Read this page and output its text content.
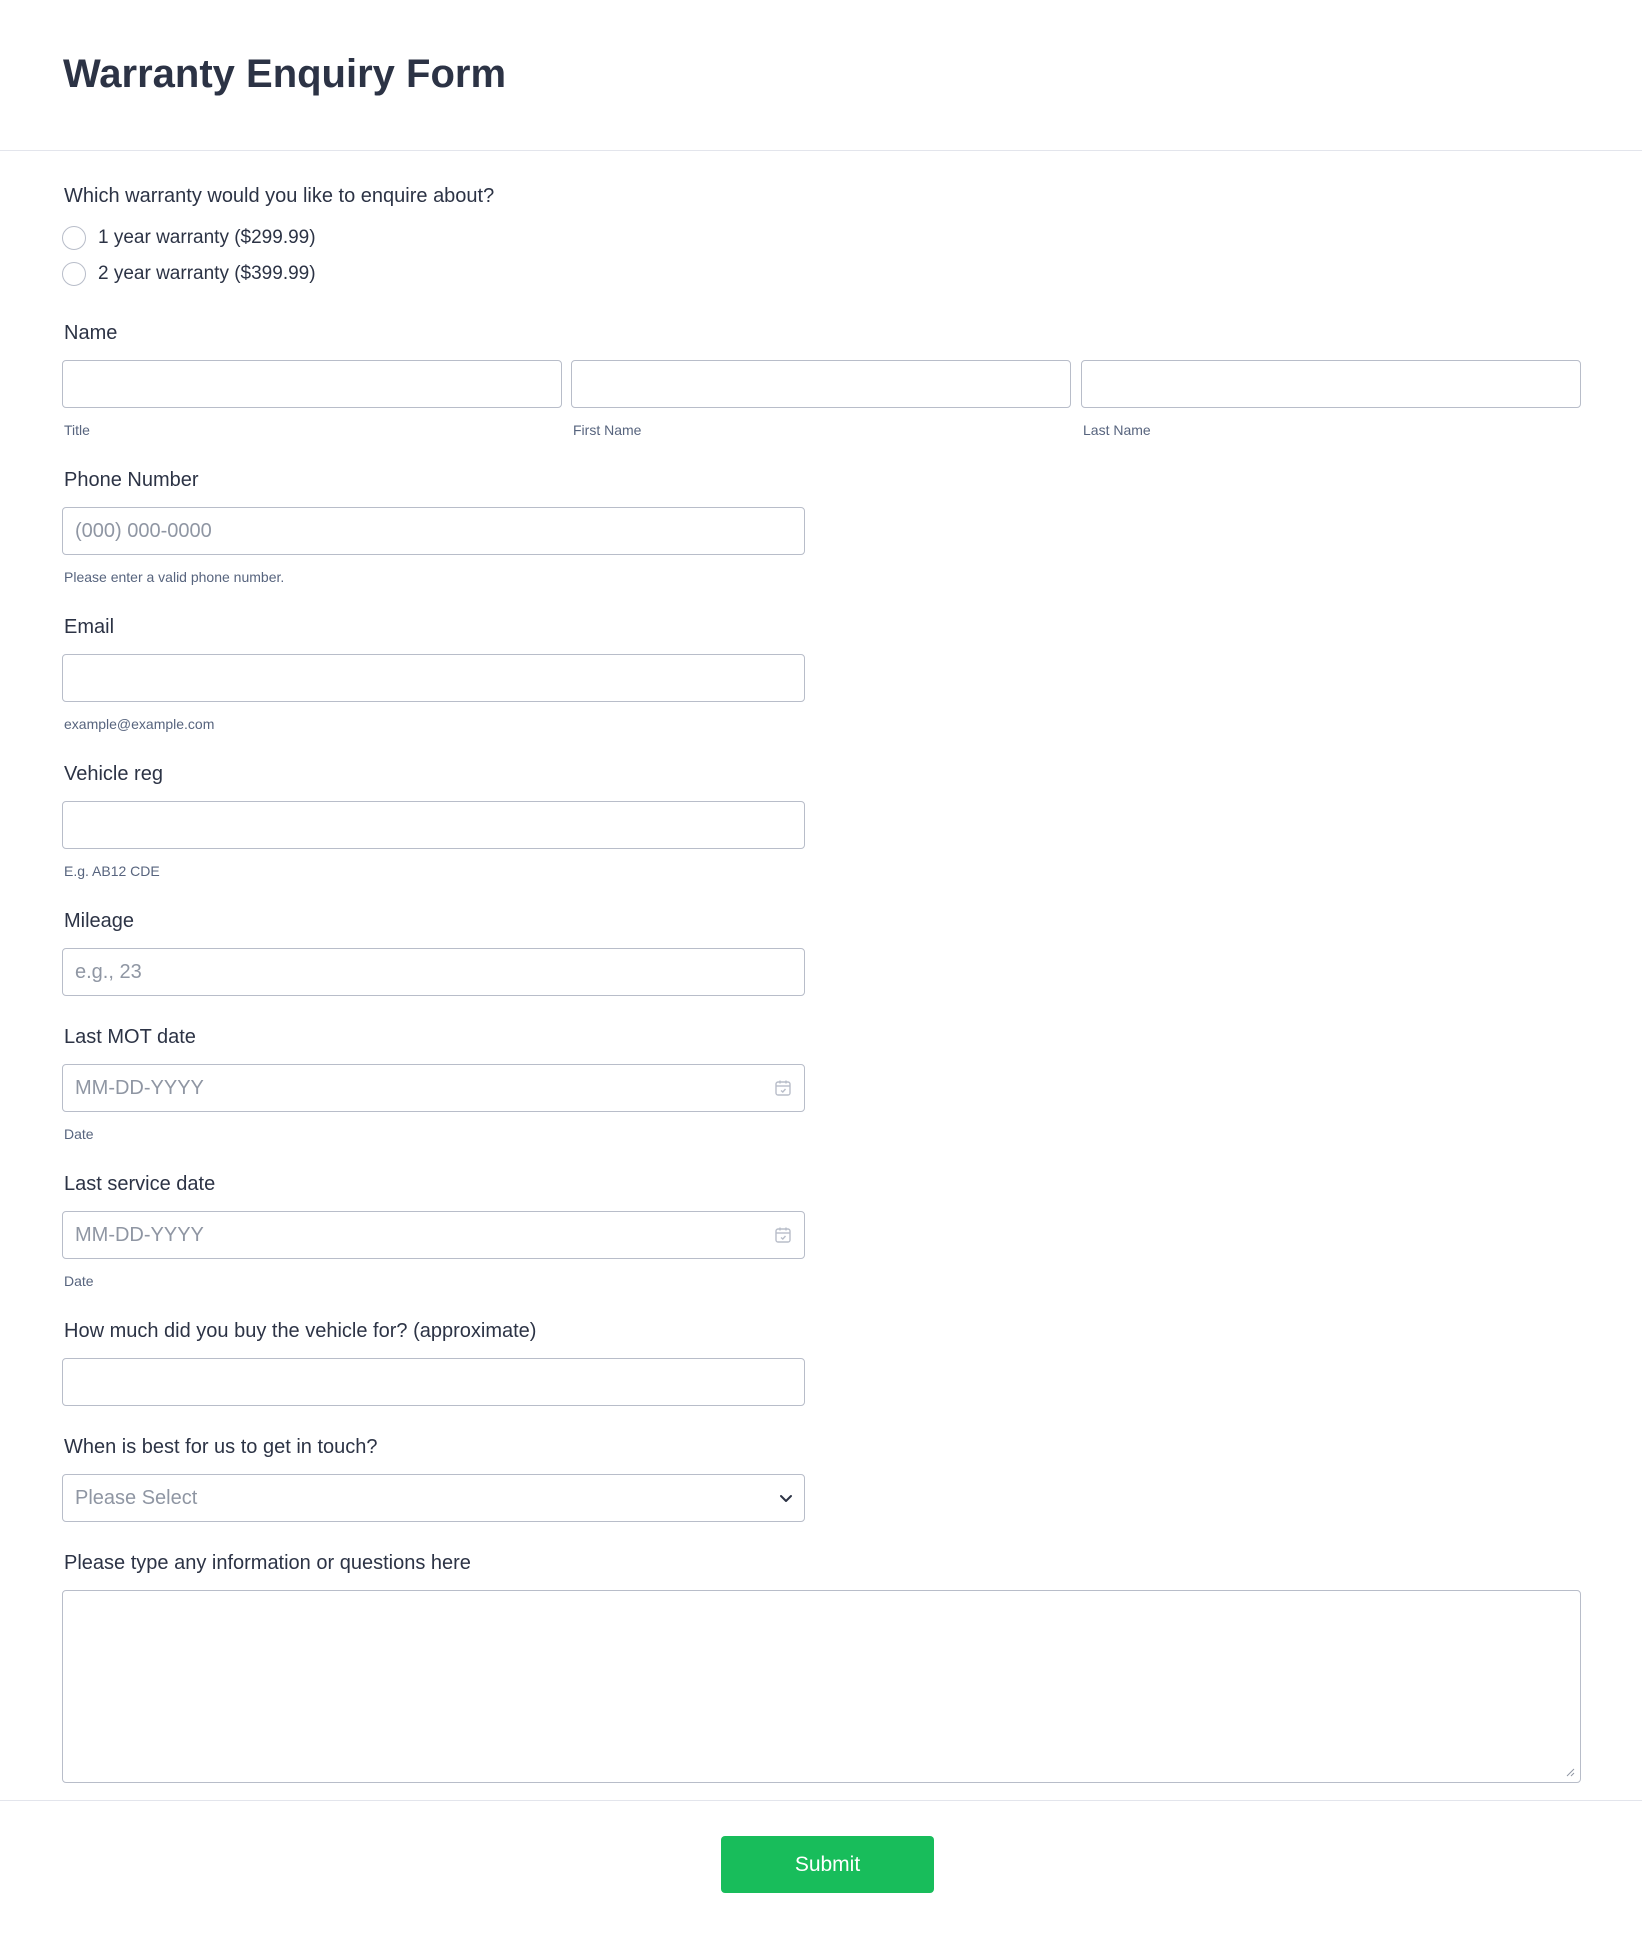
Warranty Enquiry Form
Which warranty would you like to enquire about?
1 year warranty ($299.99)
2 year warranty ($399.99)
Name
Title	First Name	Last Name
Phone Number
(000) 000-0000
Please enter a valid phone number.
Email
example@example.com
Vehicle reg
E.g. AB12 CDE
Mileage
e.g., 23
Last MOT date
MM-DD-YYYY
Date
Last service date
MM-DD-YYYY
Date
How much did you buy the vehicle for? (approximate)
When is best for us to get in touch?
Please Select
Please type any information or questions here
Submit
